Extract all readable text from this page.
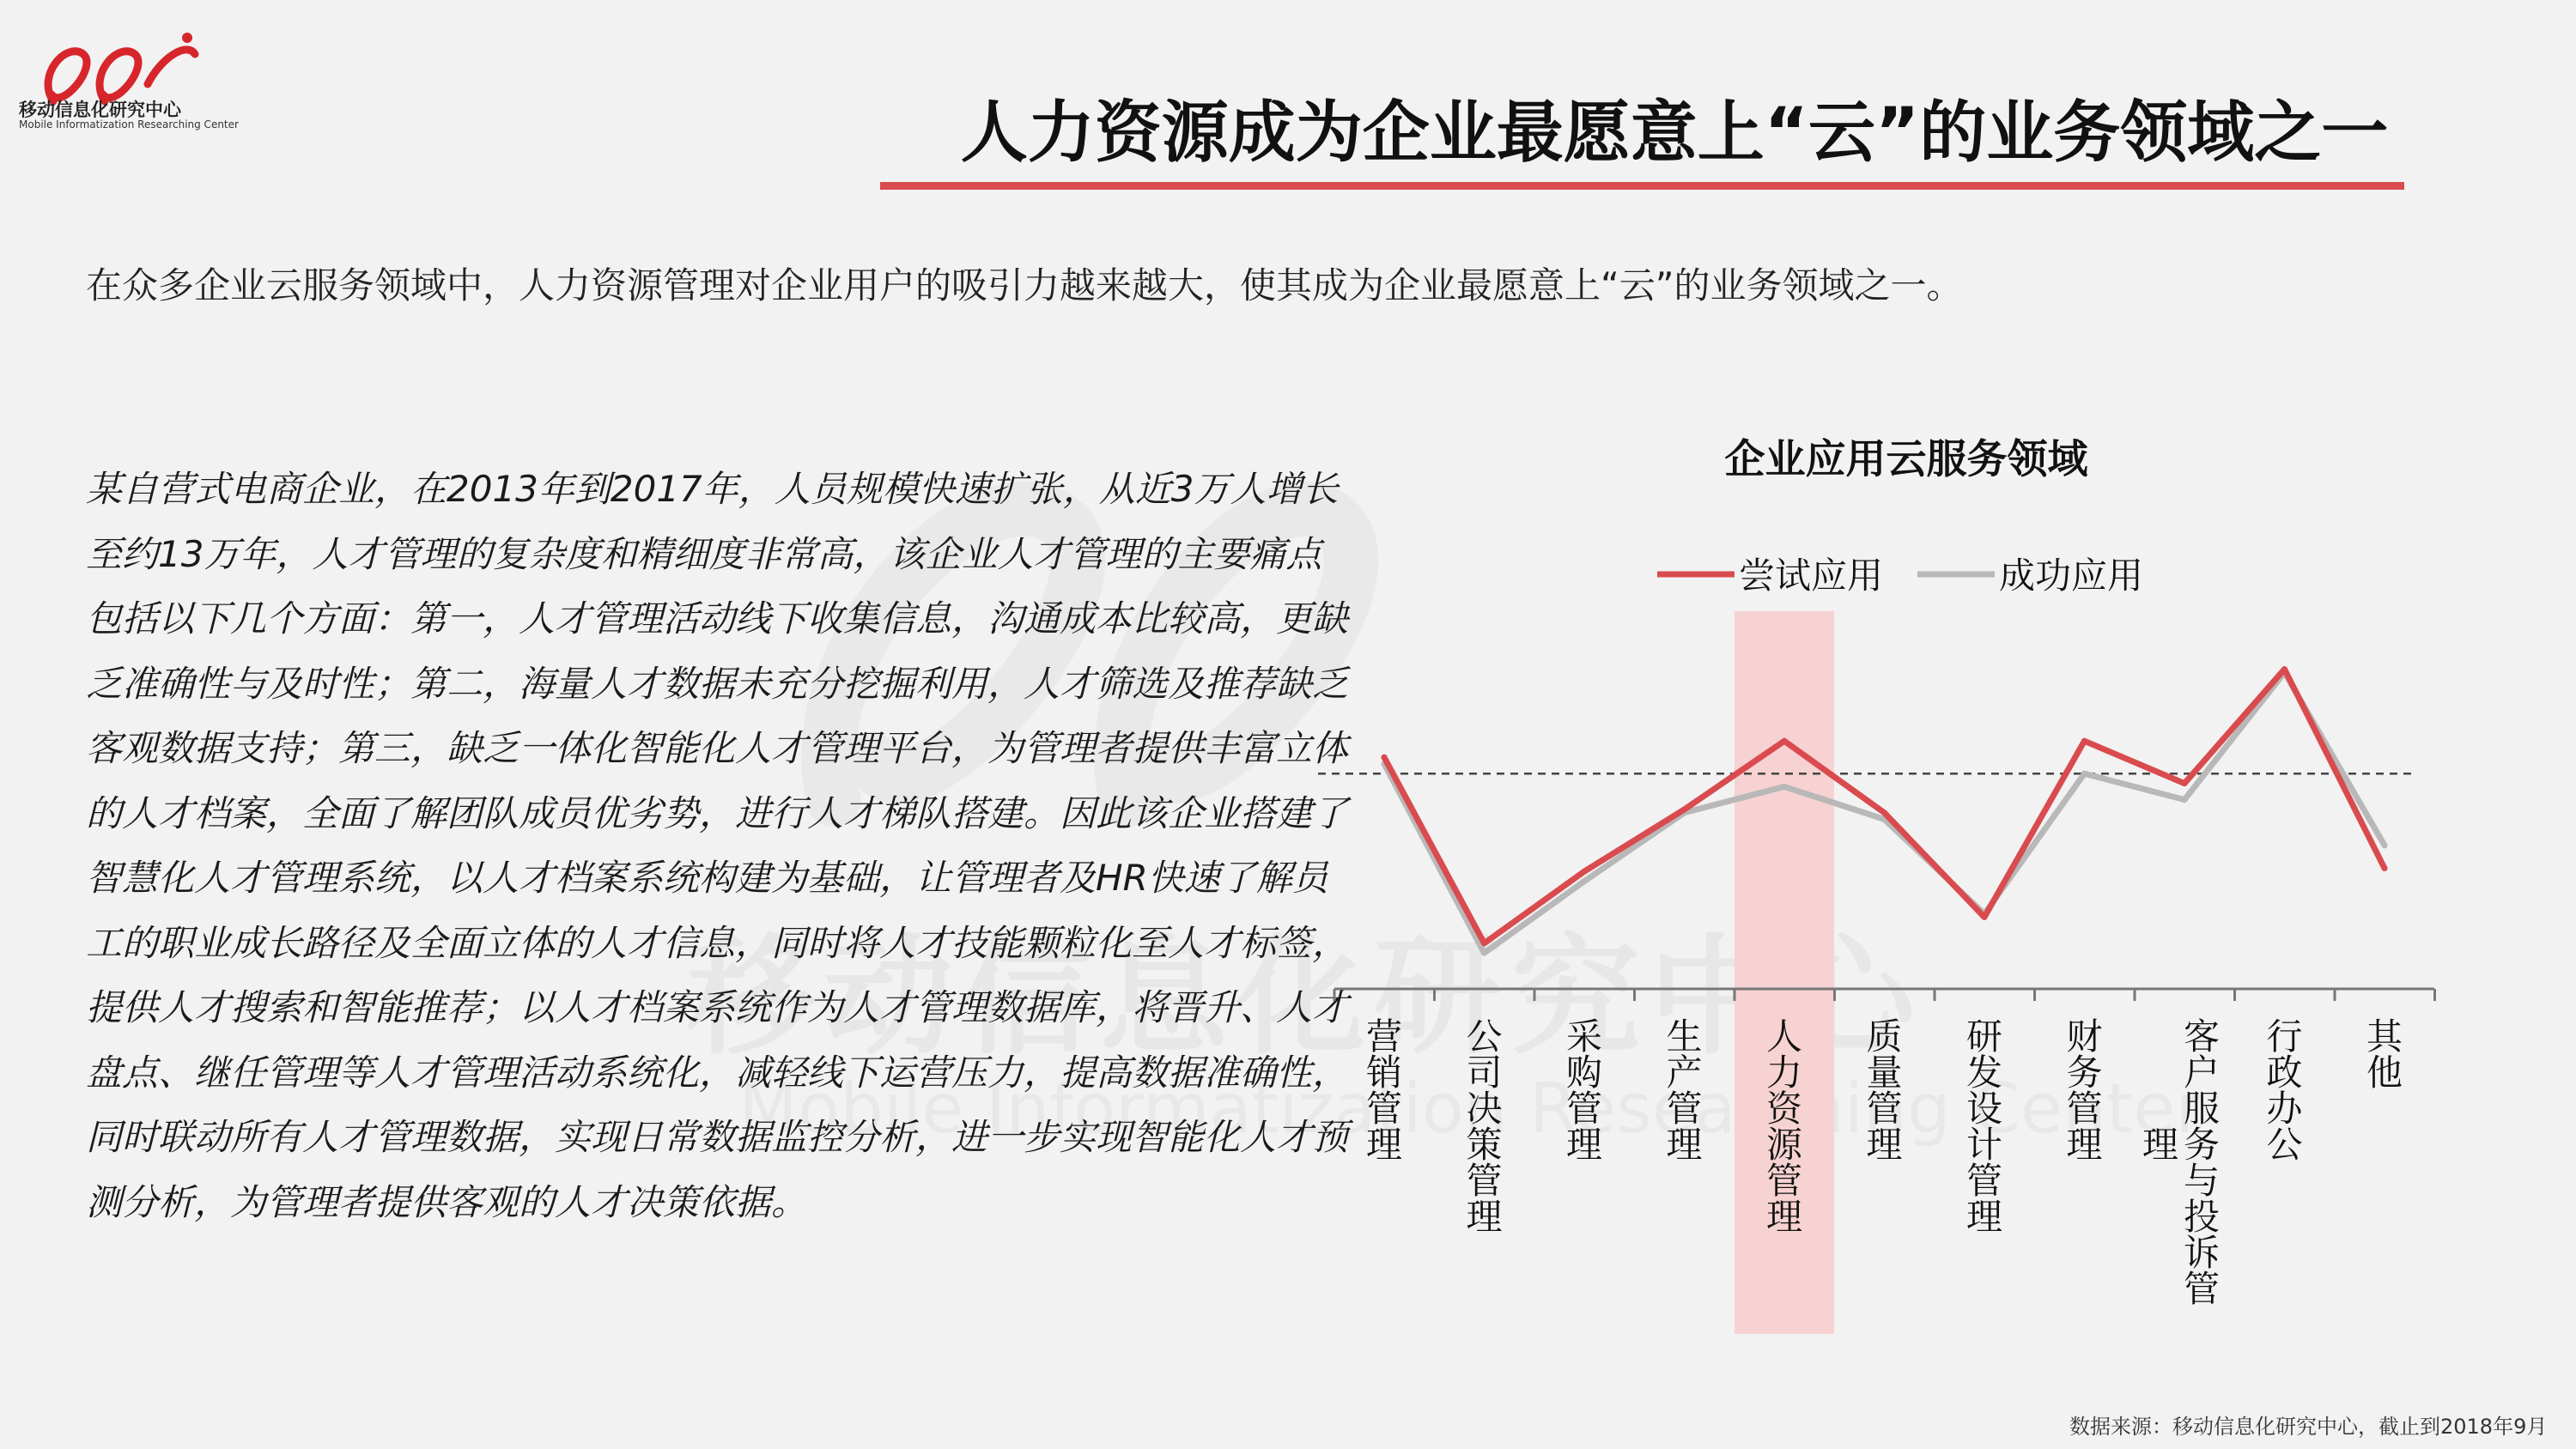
移动信息化研究中心
Mobile Informatization Researching Center	人力资源成为企业最愿意上“云”的业务领域之一
在众多企业云服务领域中，人力资源管理对企业用户的吸引力越来越大，使其成为企业最愿意上“云”的业务领域之一。
某自营式电商企业，在2013年到2017年，人员规模快速扩张，从近3万人增长至约13万年，人才管理的复杂度和精细度非常高，该企业人才管理的主要痛点包括以下几个方面：第一，人才管理活动线下收集信息，沟通成本比较高，更缺乏准确性与及时性；第二，海量人才数据未充分挖掘利用，人才筛选及推荐缺乏客观数据支持；第三，缺乏一体化智能化人才管理平台，为管理者提供丰富立体的人才档案，全面了解团队成员优劣势，进行人才梯队搭建。因此该企业搭建了智慧化人才管理系统，以人才档案系统构建为基础，让管理者及HR快速了解员工的职业成长路径及全面立体的人才信息，同时将人才技能颗粒化至人才标签，提供人才搜索和智能推荐；以人才档案系统作为人才管理数据库，将晋升、人才盘点、继任管理等人才管理活动系统化，减轻线下运营压力，提高数据准确性，同时联动所有人才管理数据，实现日常数据监控分析，进一步实现智能化人才预测分析，为管理者提供客观的人才决策依据。
企业应用云服务领域
营
销
管
理
公
司
决
策
管
理
采
购
管
理
生
产
管
理
人
力
资
源
管
理
质
量
管
理
研
发
设
计
管
理
财
务
管
理
客
户
服
务
与
投
诉
管
理
行
政
办
公
其
他
尝试应用	成功应用
数据来源：移动信息化研究中心，截止到2018年9月
